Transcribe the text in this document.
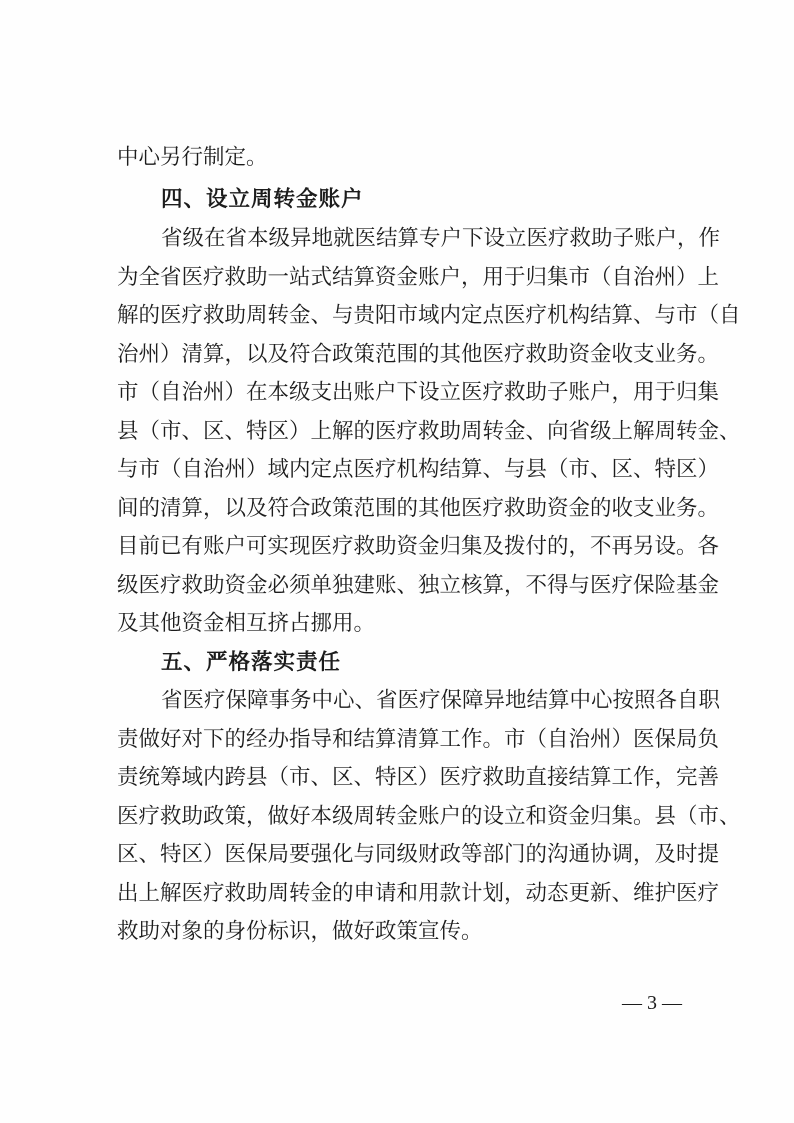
中心另行制定。
四、设立周转金账户
省级在省本级异地就医结算专户下设立医疗救助子账户，作
为全省医疗救助一站式结算资金账户，用于归集市（自治州）上
解的医疗救助周转金、与贵阳市域内定点医疗机构结算、与市（自
治州）清算，以及符合政策范围的其他医疗救助资金收支业务。
市（自治州）在本级支出账户下设立医疗救助子账户，用于归集
县（市、区、特区）上解的医疗救助周转金、向省级上解周转金、
与市（自治州）域内定点医疗机构结算、与县（市、区、特区）
间的清算，以及符合政策范围的其他医疗救助资金的收支业务。
目前已有账户可实现医疗救助资金归集及拨付的，不再另设。各
级医疗救助资金必须单独建账、独立核算，不得与医疗保险基金
及其他资金相互挤占挪用。
五、严格落实责任
省医疗保障事务中心、省医疗保障异地结算中心按照各自职
责做好对下的经办指导和结算清算工作。市（自治州）医保局负
责统筹域内跨县（市、区、特区）医疗救助直接结算工作，完善
医疗救助政策，做好本级周转金账户的设立和资金归集。县（市、
区、特区）医保局要强化与同级财政等部门的沟通协调，及时提
出上解医疗救助周转金的申请和用款计划，动态更新、维护医疗
救助对象的身份标识，做好政策宣传。
— 3 —
